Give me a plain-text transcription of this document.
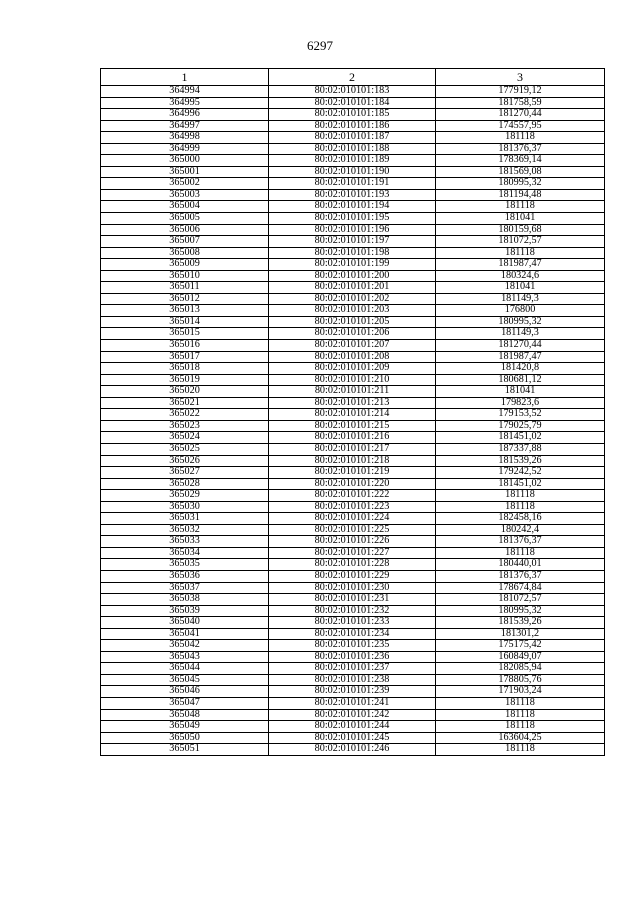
6297
1	2	3
364994	80:02:010101:183	177919,12
364995	80:02:010101:184	181758,59
364996	80:02:010101:185	181270,44
364997	80:02:010101:186	174557,95
364998	80:02:010101:187	181118
364999	80:02:010101:188	181376,37
365000	80:02:010101:189	178369,14
365001	80:02:010101:190	181569,08
365002	80:02:010101:191	180995,32
365003	80:02:010101:193	181194,48
365004	80:02:010101:194	181118
365005	80:02:010101:195	181041
365006	80:02:010101:196	180159,68
365007	80:02:010101:197	181072,57
365008	80:02:010101:198	181118
365009	80:02:010101:199	181987,47
365010	80:02:010101:200	180324,6
365011	80:02:010101:201	181041
365012	80:02:010101:202	181149,3
365013	80:02:010101:203	176800
365014	80:02:010101:205	180995,32
365015	80:02:010101:206	181149,3
365016	80:02:010101:207	181270,44
365017	80:02:010101:208	181987,47
365018	80:02:010101:209	181420,8
365019	80:02:010101:210	180681,12
365020	80:02:010101:211	181041
365021	80:02:010101:213	179823,6
365022	80:02:010101:214	179153,52
365023	80:02:010101:215	179025,79
365024	80:02:010101:216	181451,02
365025	80:02:010101:217	187337,88
365026	80:02:010101:218	181539,26
365027	80:02:010101:219	179242,52
365028	80:02:010101:220	181451,02
365029	80:02:010101:222	181118
365030	80:02:010101:223	181118
365031	80:02:010101:224	182458,16
365032	80:02:010101:225	180242,4
365033	80:02:010101:226	181376,37
365034	80:02:010101:227	181118
365035	80:02:010101:228	180440,01
365036	80:02:010101:229	181376,37
365037	80:02:010101:230	178674,84
365038	80:02:010101:231	181072,57
365039	80:02:010101:232	180995,32
365040	80:02:010101:233	181539,26
365041	80:02:010101:234	181301,2
365042	80:02:010101:235	175175,42
365043	80:02:010101:236	160849,07
365044	80:02:010101:237	182085,94
365045	80:02:010101:238	178805,76
365046	80:02:010101:239	171903,24
365047	80:02:010101:241	181118
365048	80:02:010101:242	181118
365049	80:02:010101:244	181118
365050	80:02:010101:245	163604,25
365051	80:02:010101:246	181118
